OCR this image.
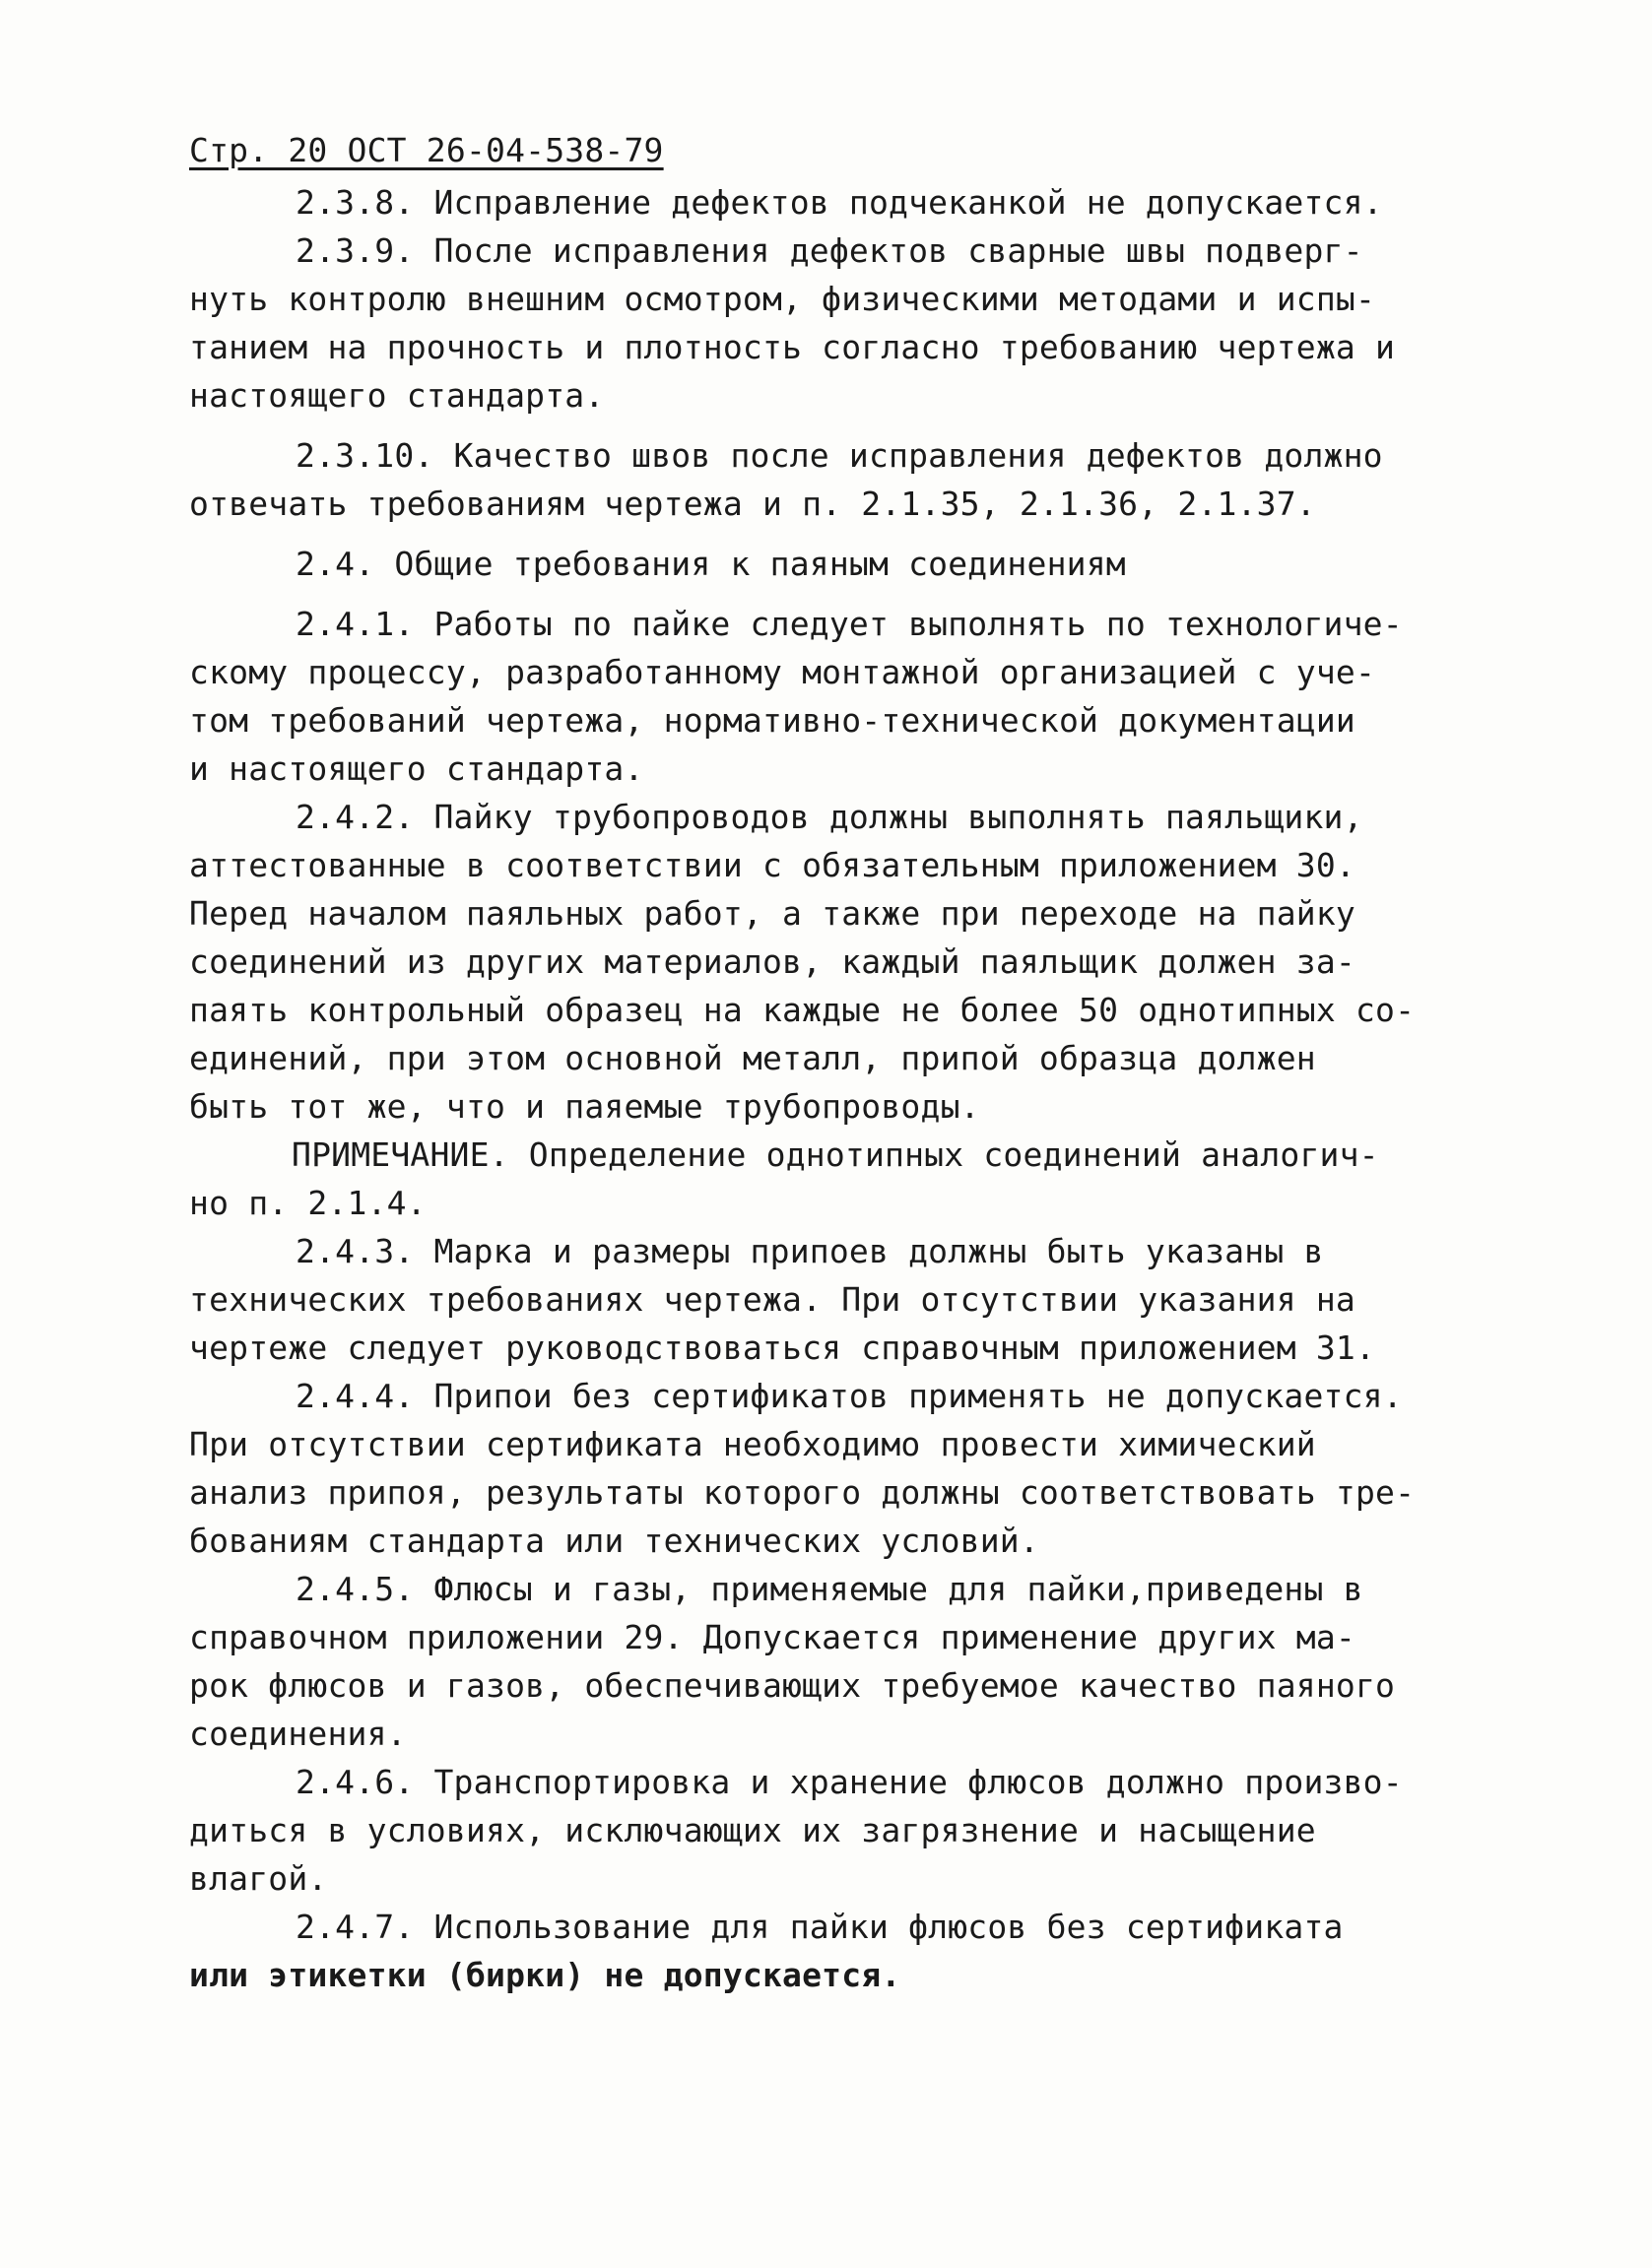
Стр. 20 ОСТ 26-04-538-79
2.3.8. Исправление дефектов подчеканкой не допускается.
2.3.9. После исправления дефектов сварные швы подверг-
нуть контролю внешним осмотром, физическими методами и испы-
танием на прочность и плотность согласно требованию чертежа и
настоящего стандарта.
2.3.10. Качество швов после исправления дефектов должно
отвечать требованиям чертежа и п. 2.1.35, 2.1.36, 2.1.37.
2.4. Общие требования к паяным соединениям
2.4.1. Работы по пайке следует выполнять по технологиче-
скому процессу, разработанному монтажной организацией с уче-
том требований чертежа, нормативно-технической документации
и настоящего стандарта.
2.4.2. Пайку трубопроводов должны выполнять паяльщики,
аттестованные в соответствии с обязательным приложением 30.
Перед началом паяльных работ, а также при переходе на пайку
соединений из других материалов, каждый паяльщик должен за-
паять контрольный образец на каждые не более 50 однотипных со-
единений, при этом основной металл, припой образца должен
быть тот же, что и паяемые трубопроводы.
ПРИМЕЧАНИЕ. Определение однотипных соединений аналогич-
но п. 2.1.4.
2.4.3. Марка и размеры припоев должны быть указаны в
технических требованиях чертежа. При отсутствии указания на
чертеже следует руководствоваться справочным приложением 31.
2.4.4. Припои без сертификатов применять не допускается.
При отсутствии сертификата необходимо провести химический
анализ припоя, результаты которого должны соответствовать тре-
бованиям стандарта или технических условий.
2.4.5. Флюсы и газы, применяемые для пайки,приведены в
справочном приложении 29. Допускается применение других ма-
рок флюсов и газов, обеспечивающих требуемое качество паяного
соединения.
2.4.6. Транспортировка и хранение флюсов должно произво-
диться в условиях, исключающих их загрязнение и насыщение
влагой.
2.4.7. Использование для пайки флюсов без сертификата
или этикетки (бирки) не допускается.
